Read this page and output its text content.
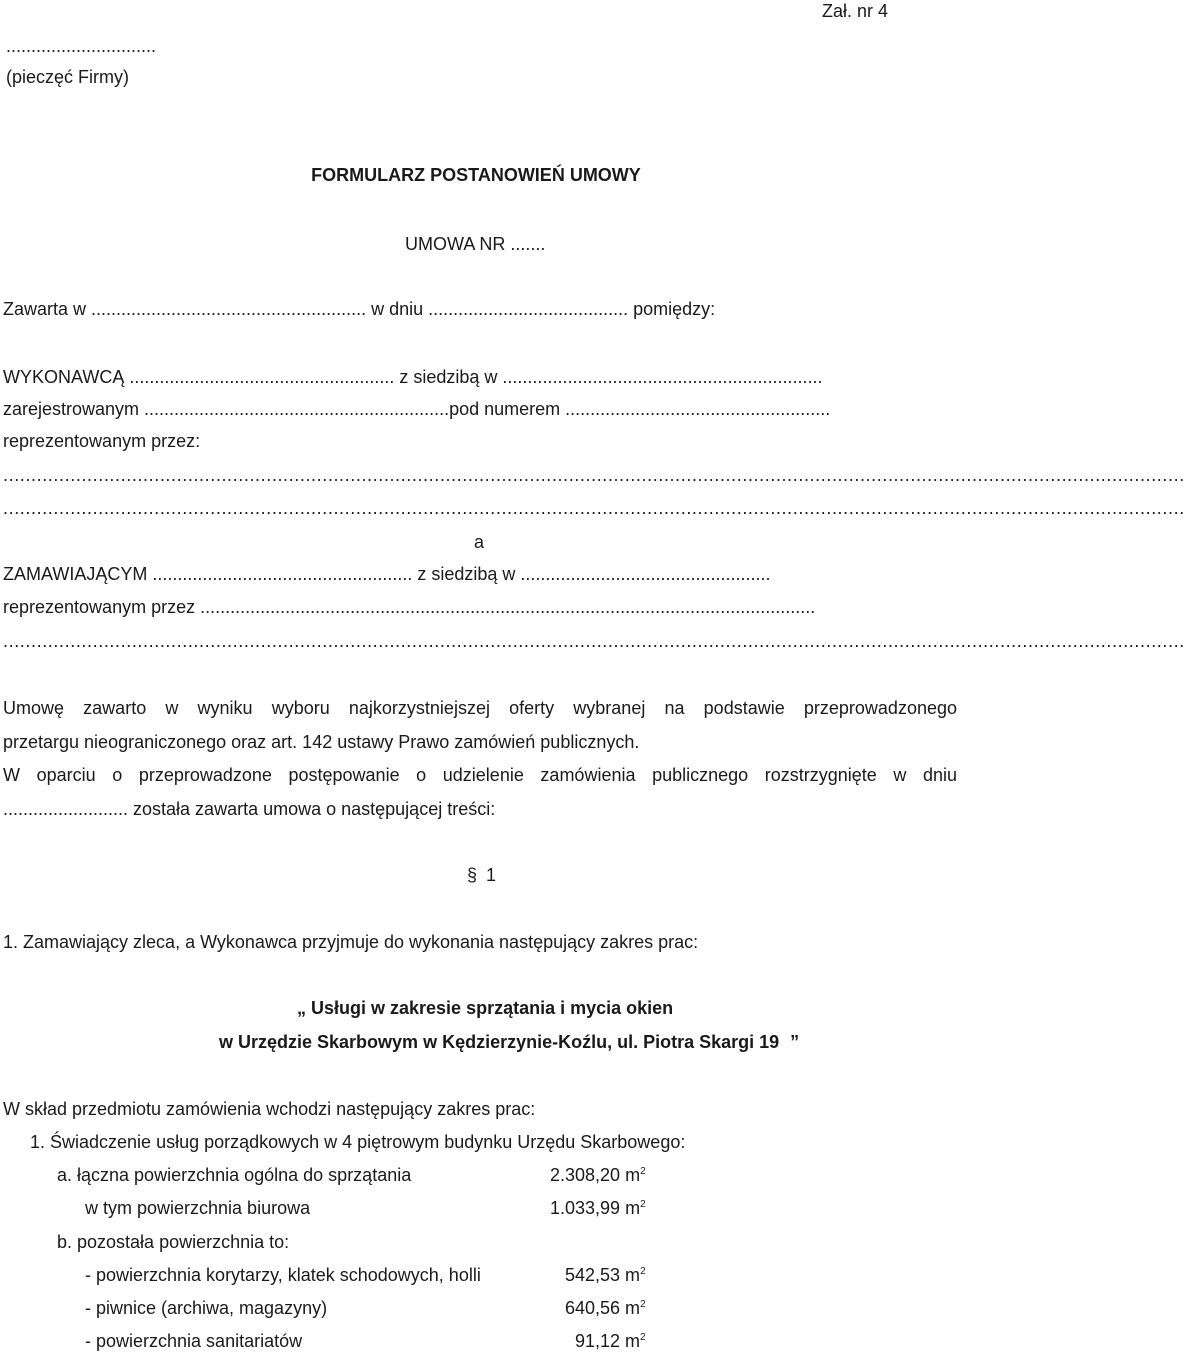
Zał. nr 4
..............................
(pieczęć Firmy)
FORMULARZ POSTANOWIEŃ UMOWY
UMOWA NR .......
Zawarta w ....................................................... w dniu ........................................ pomiędzy:
WYKONAWCĄ ..................................................... z siedzibą w ................................................................
zarejestrowanym .............................................................pod numerem .....................................................
reprezentowanym przez:
...................................................................................................................................................................................................................
...................................................................................................................................................................................................................
a
ZAMAWIAJĄCYM .................................................... z siedzibą w ..................................................
reprezentowanym przez ...........................................................................................................................
...................................................................................................................................................................................................................
Umowę zawarto w wyniku wyboru najkorzystniejszej oferty wybranej na podstawie przeprowadzonego
przetargu nieograniczonego oraz art. 142 ustawy Prawo zamówień publicznych.
W oparciu o przeprowadzone postępowanie o udzielenie zamówienia publicznego rozstrzygnięte w dniu
......................... została zawarta umowa o następującej treści:
§ 1
1. Zamawiający zleca, a Wykonawca przyjmuje do wykonania następujący zakres prac:
„ Usługi w zakresie sprzątania i mycia okien
w Urzędzie Skarbowym w Kędzierzynie-Koźlu, ul. Piotra Skargi 19 ”
W skład przedmiotu zamówienia wchodzi następujący zakres prac:
1. Świadczenie usług porządkowych w 4 piętrowym budynku Urzędu Skarbowego:
a. łączna powierzchnia ogólna do sprzątania	2.308,20 $m^2$
w tym powierzchnia biurowa	1.033,99 $m^2$
b. pozostała powierzchnia to:
- powierzchnia korytarzy, klatek schodowych, holli	542,53 $m^2$
- piwnice (archiwa, magazyny)	640,56 $m^2$
- powierzchnia sanitariatów	91,12 $m^2$
